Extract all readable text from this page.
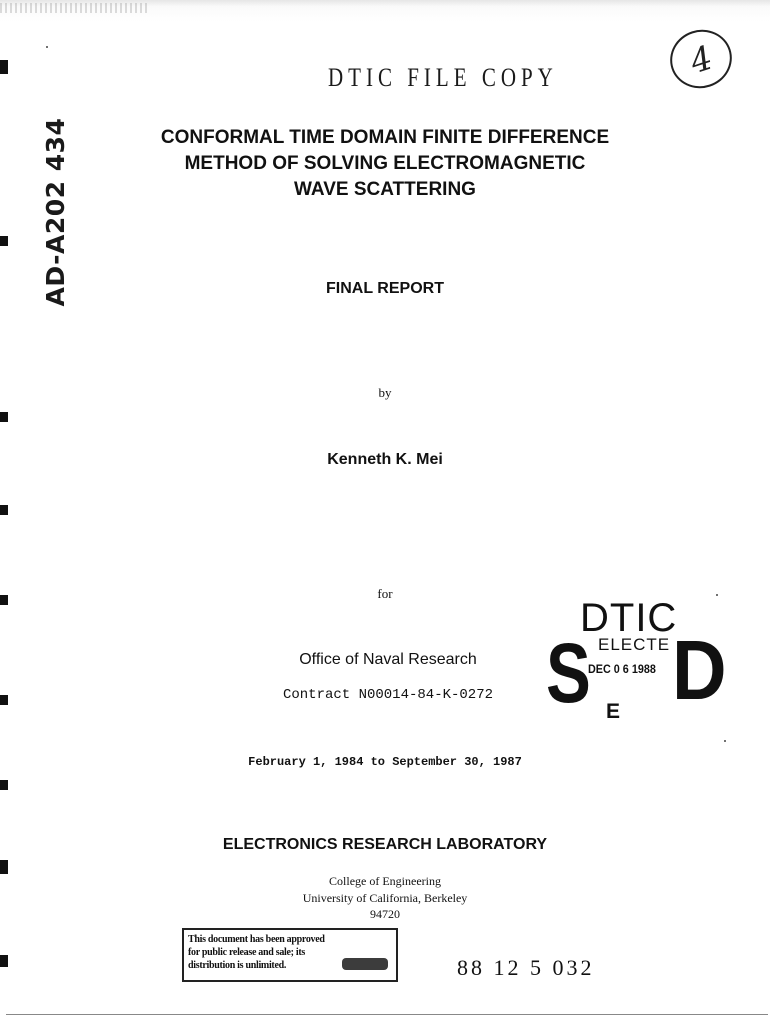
DTIC FILE COPY	4
AD-A202 434	CONFORMAL TIME DOMAIN FINITE DIFFERENCE
METHOD OF SOLVING ELECTROMAGNETIC
WAVE SCATTERING
FINAL REPORT
by
Kenneth K. Mei
for
Office of Naval Research
Contract N00014-84-K-0272
DTIC
S ELECTE
DEC 0 6 1988 D
E
February 1, 1984 to September 30, 1987
ELECTRONICS RESEARCH LABORATORY
College of Engineering
University of California, Berkeley
94720
This document has been approved
for public release and sale; its
distribution is unlimited.	88 12 5 032
